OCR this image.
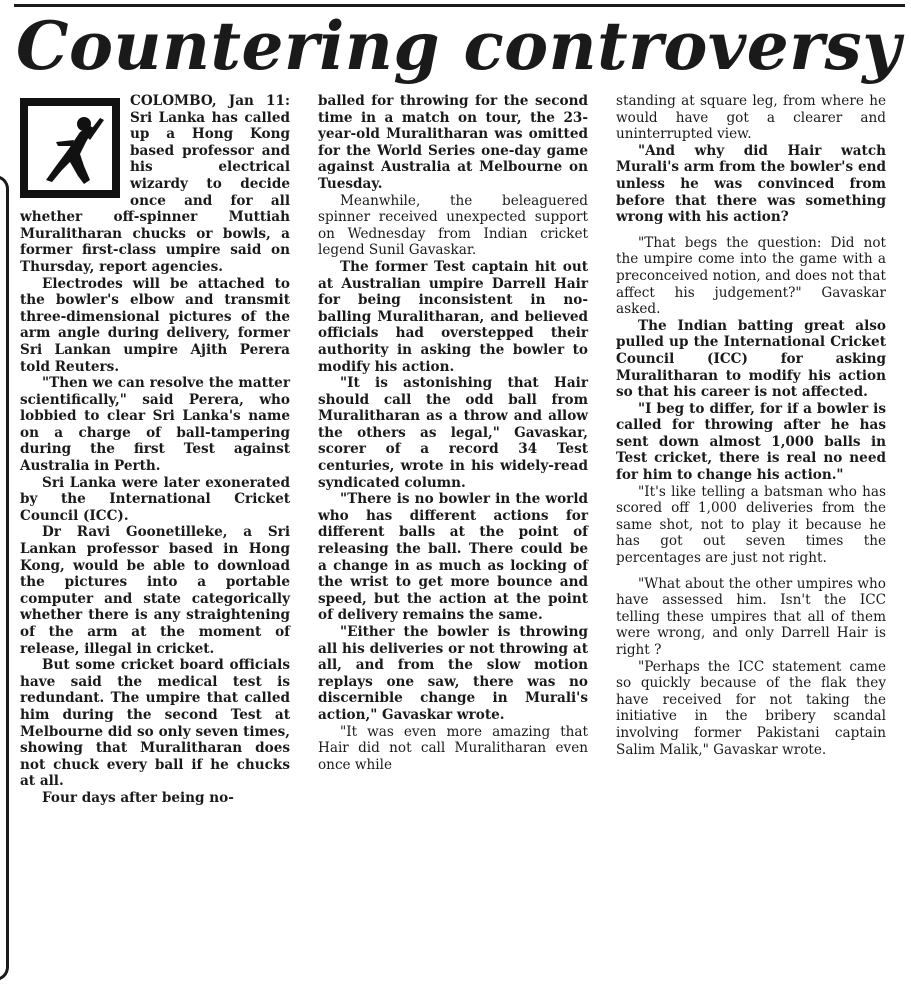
Countering controversy

COLOMBO, Jan 11: Sri Lanka has called up a Hong Kong based professor and his electrical wizardy to decide once and for all whether off-spinner Muttiah Muralitharan chucks or bowls, a former first-class umpire said on Thursday, report agencies.

Electrodes will be attached to the bowler's elbow and transmit three-dimensional pictures of the arm angle during delivery, former Sri Lankan umpire Ajith Perera told Reuters.

"Then we can resolve the matter scientifically," said Perera, who lobbied to clear Sri Lanka's name on a charge of ball-tampering during the first Test against Australia in Perth.

Sri Lanka were later exonerated by the International Cricket Council (ICC).

Dr Ravi Goonetilleke, a Sri Lankan professor based in Hong Kong, would be able to download the pictures into a portable computer and state categorically whether there is any straightening of the arm at the moment of release, illegal in cricket.

But some cricket board officials have said the medical test is redundant. The umpire that called him during the second Test at Melbourne did so only seven times, showing that Muralitharan does not chuck every ball if he chucks at all.

Four days after being no-

balled for throwing for the second time in a match on tour, the 23-year-old Muralitharan was omitted for the World Series one-day game against Australia at Melbourne on Tuesday.

Meanwhile, the beleaguered spinner received unexpected support on Wednesday from Indian cricket legend Sunil Gavaskar.

The former Test captain hit out at Australian umpire Darrell Hair for being inconsistent in no-balling Muralitharan, and believed officials had overstepped their authority in asking the bowler to modify his action.

"It is astonishing that Hair should call the odd ball from Muralitharan as a throw and allow the others as legal," Gavaskar, scorer of a record 34 Test centuries, wrote in his widely-read syndicated column.

"There is no bowler in the world who has different actions for different balls at the point of releasing the ball. There could be a change in as much as locking of the wrist to get more bounce and speed, but the action at the point of delivery remains the same.

"Either the bowler is throwing all his deliveries or not throwing at all, and from the slow motion replays one saw, there was no discernible change in Murali's action," Gavaskar wrote.

"It was even more amazing that Hair did not call Muralitharan even once while

standing at square leg, from where he would have got a clearer and uninterrupted view.

"And why did Hair watch Murali's arm from the bowler's end unless he was convinced from before that there was something wrong with his action?

"That begs the question: Did not the umpire come into the game with a preconceived notion, and does not that affect his judgement?" Gavaskar asked.

The Indian batting great also pulled up the International Cricket Council (ICC) for asking Muralitharan to modify his action so that his career is not affected.

"I beg to differ, for if a bowler is called for throwing after he has sent down almost 1,000 balls in Test cricket, there is real no need for him to change his action."

"It's like telling a batsman who has scored off 1,000 deliveries from the same shot, not to play it because he has got out seven times the percentages are just not right.

"What about the other umpires who have assessed him. Isn't the ICC telling these umpires that all of them were wrong, and only Darrell Hair is right ?

"Perhaps the ICC statement came so quickly because of the flak they have received for not taking the initiative in the bribery scandal involving former Pakistani captain Salim Malik," Gavaskar wrote.
